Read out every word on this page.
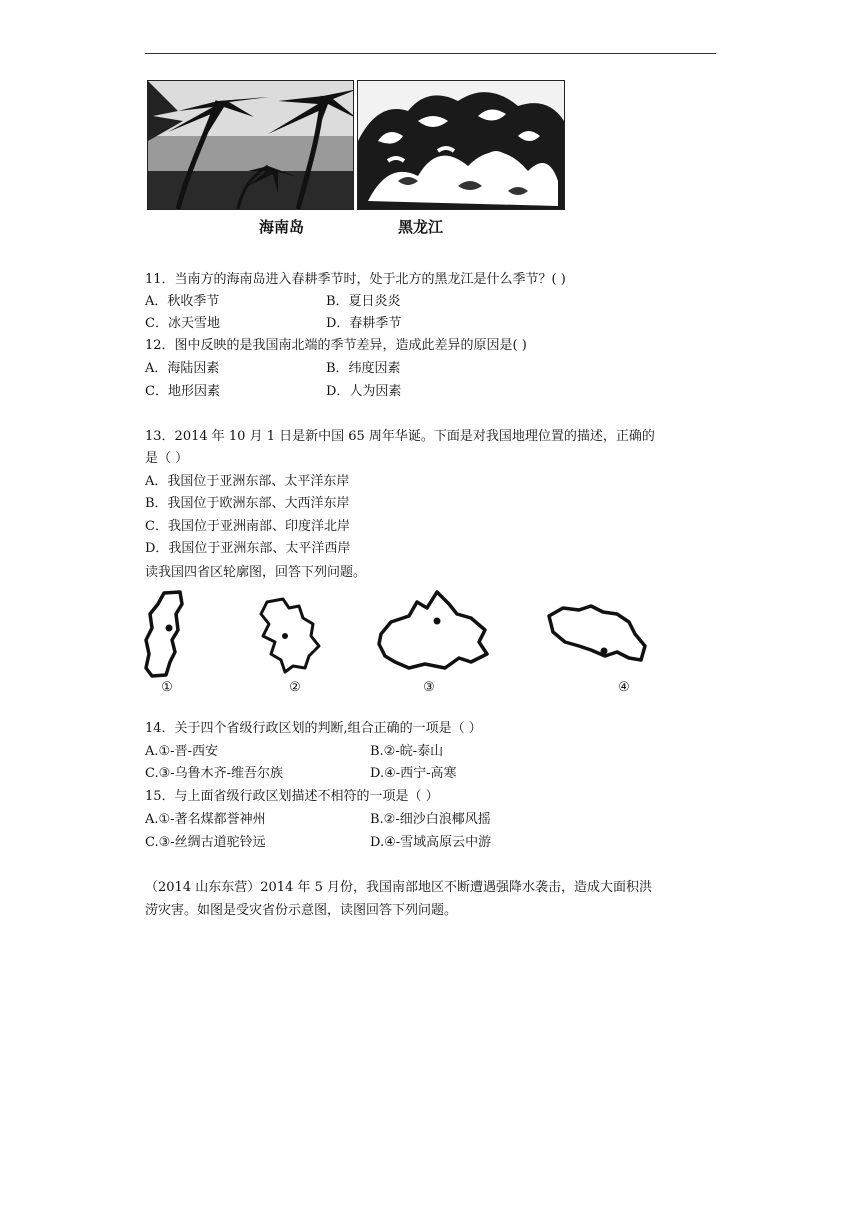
海南岛	黑龙江
11．当南方的海南岛进入春耕季节时，处于北方的黑龙江是什么季节？( )
A．秋收季节	B．夏日炎炎
C．冰天雪地	D．春耕季节
12．图中反映的是我国南北端的季节差异，造成此差异的原因是( )
A．海陆因素	B．纬度因素
C．地形因素	D．人为因素
13．2014 年 10 月 1 日是新中国 65 周年华诞。下面是对我国地理位置的描述，正确的
是（ ）
A．我国位于亚洲东部、太平洋东岸
B．我国位于欧洲东部、大西洋东岸
C．我国位于亚洲南部、印度洋北岸
D．我国位于亚洲东部、太平洋西岸
读我国四省区轮廓图，回答下列问题。
①	②	③	④
14．关于四个省级行政区划的判断,组合正确的一项是（ ）
A.①-晋-西安	B.②-皖-泰山
C.③-乌鲁木齐-维吾尔族	D.④-西宁-高寒
15．与上面省级行政区划描述不相符的一项是（ ）
A.①-著名煤都誉神州	B.②-细沙白浪椰风摇
C.③-丝绸古道驼铃远	D.④-雪域高原云中游
（2014 山东东营）2014 年 5 月份，我国南部地区不断遭遇强降水袭击，造成大面积洪
涝灾害。如图是受灾省份示意图，读图回答下列问题。
